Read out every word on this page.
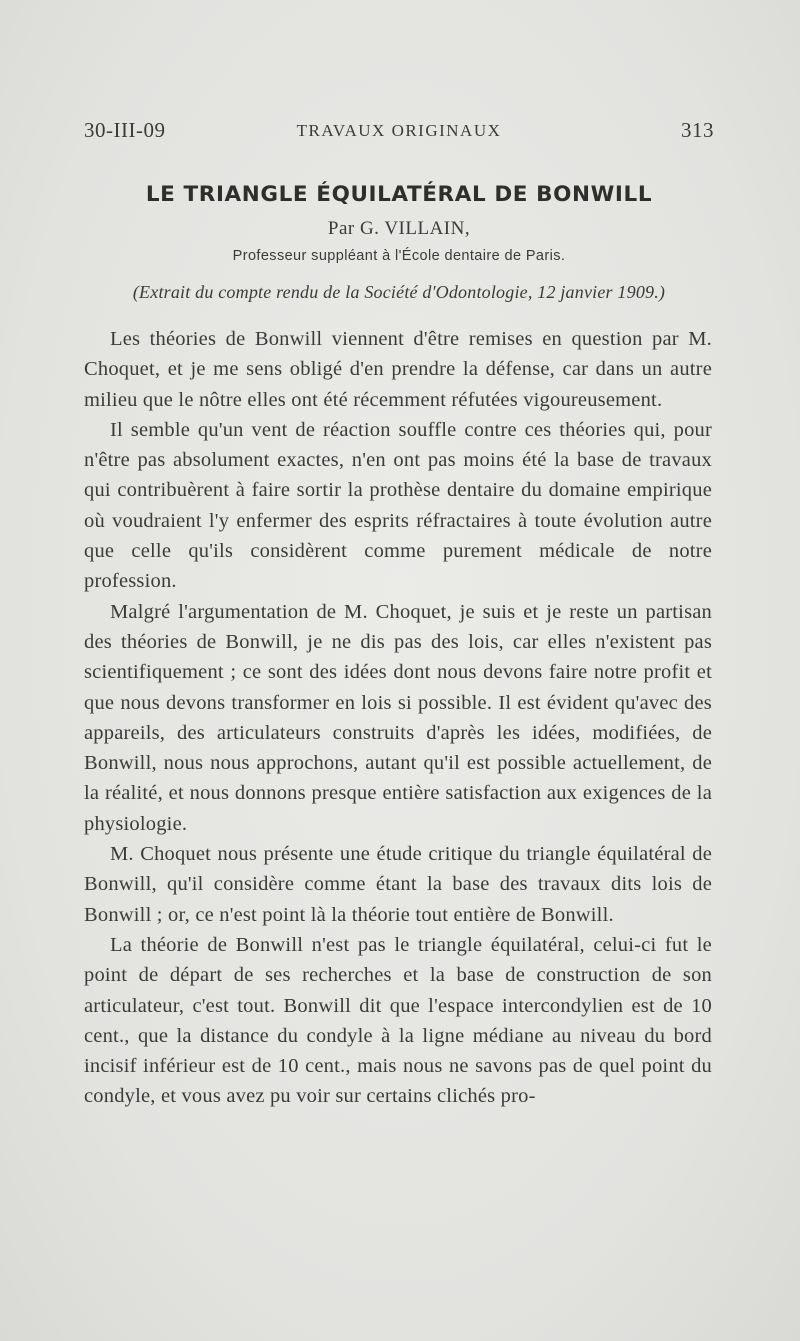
30-III-09	TRAVAUX ORIGINAUX	313
LE TRIANGLE ÉQUILATÉRAL DE BONWILL
Par G. VILLAIN,
Professeur suppléant à l'École dentaire de Paris.
(Extrait du compte rendu de la Société d'Odontologie, 12 janvier 1909.)

Les théories de Bonwill viennent d'être remises en question par M. Choquet, et je me sens obligé d'en prendre la défense, car dans un autre milieu que le nôtre elles ont été récemment réfutées vigoureusement.

Il semble qu'un vent de réaction souffle contre ces théories qui, pour n'être pas absolument exactes, n'en ont pas moins été la base de travaux qui contribuèrent à faire sortir la prothèse dentaire du domaine empirique où voudraient l'y enfermer des esprits réfractaires à toute évolution autre que celle qu'ils considèrent comme purement médicale de notre profession.

Malgré l'argumentation de M. Choquet, je suis et je reste un partisan des théories de Bonwill, je ne dis pas des lois, car elles n'existent pas scientifiquement ; ce sont des idées dont nous devons faire notre profit et que nous devons transformer en lois si possible. Il est évident qu'avec des appareils, des articulateurs construits d'après les idées, modifiées, de Bonwill, nous nous approchons, autant qu'il est possible actuellement, de la réalité, et nous donnons presque entière satisfaction aux exigences de la physiologie.

M. Choquet nous présente une étude critique du triangle équilatéral de Bonwill, qu'il considère comme étant la base des travaux dits lois de Bonwill ; or, ce n'est point là la théorie tout entière de Bonwill.

La théorie de Bonwill n'est pas le triangle équilatéral, celui-ci fut le point de départ de ses recherches et la base de construction de son articulateur, c'est tout. Bonwill dit que l'espace intercondylien est de 10 cent., que la distance du condyle à la ligne médiane au niveau du bord incisif inférieur est de 10 cent., mais nous ne savons pas de quel point du condyle, et vous avez pu voir sur certains clichés pro-
